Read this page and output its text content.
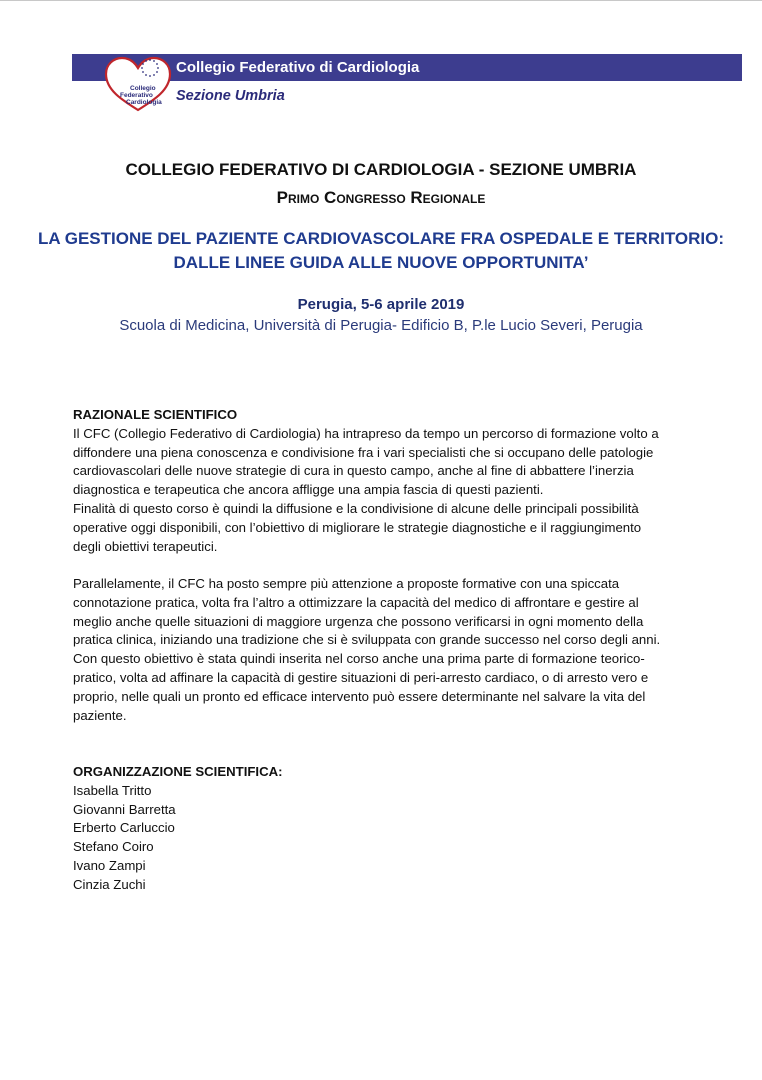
Collegio
Federativo
Cardiologia
Collegio Federativo di Cardiologia
Sezione Umbria
COLLEGIO FEDERATIVO DI CARDIOLOGIA - SEZIONE UMBRIA
Primo Congresso Regionale
LA GESTIONE DEL PAZIENTE CARDIOVASCOLARE FRA OSPEDALE E TERRITORIO:
DALLE LINEE GUIDA ALLE NUOVE OPPORTUNITA’
Perugia, 5-6 aprile 2019
Scuola di Medicina, Università di Perugia- Edificio B, P.le Lucio Severi, Perugia
RAZIONALE SCIENTIFICO
Il CFC (Collegio Federativo di Cardiologia) ha intrapreso da tempo un percorso di formazione volto a
diffondere una piena conoscenza e condivisione fra i vari specialisti che si occupano delle patologie
cardiovascolari delle nuove strategie di cura in questo campo, anche al fine di abbattere l’inerzia
diagnostica e terapeutica che ancora affligge una ampia fascia di questi pazienti.
Finalità di questo corso è quindi la diffusione e la condivisione di alcune delle principali possibilità
operative oggi disponibili, con l’obiettivo di migliorare le strategie diagnostiche e il raggiungimento
degli obiettivi terapeutici.
Parallelamente, il CFC ha posto sempre più attenzione a proposte formative con una spiccata
connotazione pratica, volta fra l’altro a ottimizzare la capacità del medico di affrontare e gestire al
meglio anche quelle situazioni di maggiore urgenza che possono verificarsi in ogni momento della
pratica clinica, iniziando una tradizione che si è sviluppata con grande successo nel corso degli anni.
Con questo obiettivo è stata quindi inserita nel corso anche una prima parte di formazione teorico-
pratico, volta ad affinare la capacità di gestire situazioni di peri-arresto cardiaco, o di arresto vero e
proprio, nelle quali un pronto ed efficace intervento può essere determinante nel salvare la vita del
paziente.
ORGANIZZAZIONE SCIENTIFICA:
Isabella Tritto
Giovanni Barretta
Erberto Carluccio
Stefano Coiro
Ivano Zampi
Cinzia Zuchi
